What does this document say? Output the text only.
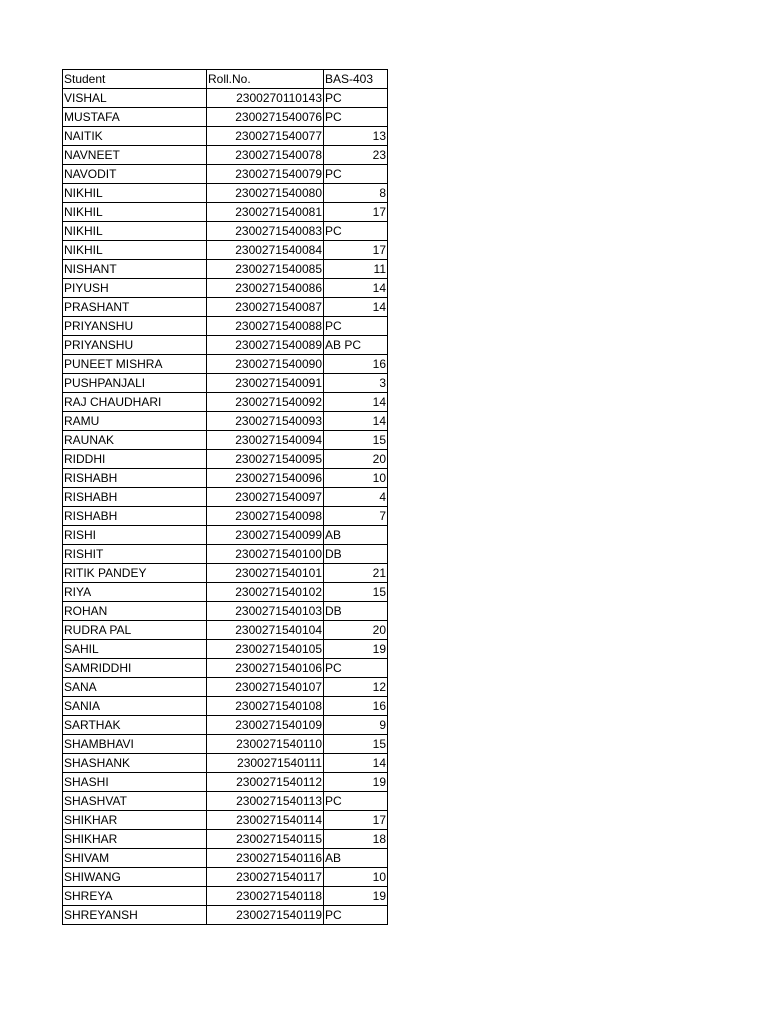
Student	Roll.No.	BAS-403
VISHAL	2300270110143	PC
MUSTAFA	2300271540076	PC
NAITIK	2300271540077	13
NAVNEET	2300271540078	23
NAVODIT	2300271540079	PC
NIKHIL	2300271540080	8
NIKHIL	2300271540081	17
NIKHIL	2300271540083	PC
NIKHIL	2300271540084	17
NISHANT	2300271540085	11
PIYUSH	2300271540086	14
PRASHANT	2300271540087	14
PRIYANSHU	2300271540088	PC
PRIYANSHU	2300271540089	AB PC
PUNEET MISHRA	2300271540090	16
PUSHPANJALI	2300271540091	3
RAJ CHAUDHARI	2300271540092	14
RAMU	2300271540093	14
RAUNAK	2300271540094	15
RIDDHI	2300271540095	20
RISHABH	2300271540096	10
RISHABH	2300271540097	4
RISHABH	2300271540098	7
RISHI	2300271540099	AB
RISHIT	2300271540100	DB
RITIK PANDEY	2300271540101	21
RIYA	2300271540102	15
ROHAN	2300271540103	DB
RUDRA PAL	2300271540104	20
SAHIL	2300271540105	19
SAMRIDDHI	2300271540106	PC
SANA	2300271540107	12
SANIA	2300271540108	16
SARTHAK	2300271540109	9
SHAMBHAVI	2300271540110	15
SHASHANK	2300271540111	14
SHASHI	2300271540112	19
SHASHVAT	2300271540113	PC
SHIKHAR	2300271540114	17
SHIKHAR	2300271540115	18
SHIVAM	2300271540116	AB
SHIWANG	2300271540117	10
SHREYA	2300271540118	19
SHREYANSH	2300271540119	PC
